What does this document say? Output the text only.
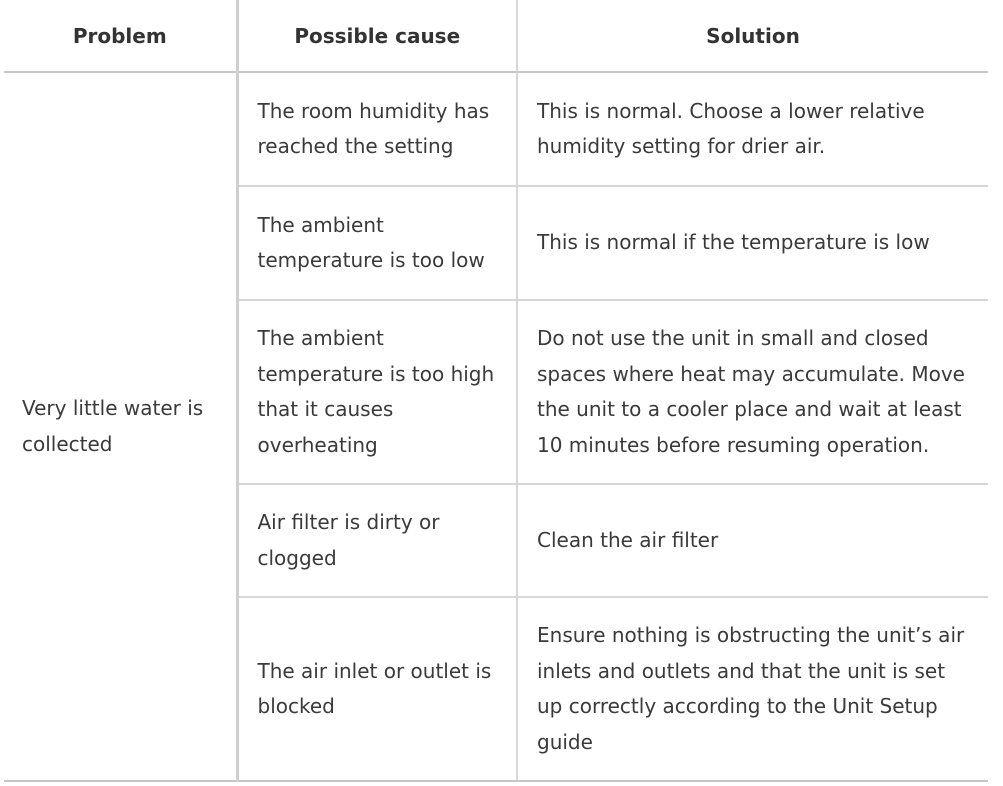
Problem	Possible cause	Solution
Very little water is collected	The room humidity has reached the setting	This is normal. Choose a lower relative humidity setting for drier air.
	The ambient temperature is too low	This is normal if the temperature is low
	The ambient temperature is too high that it causes overheating	Do not use the unit in small and closed spaces where heat may accumulate. Move the unit to a cooler place and wait at least 10 minutes before resuming operation.
	Air filter is dirty or clogged	Clean the air filter
	The air inlet or outlet is blocked	Ensure nothing is obstructing the unit’s air inlets and outlets and that the unit is set up correctly according to the Unit Setup guide
